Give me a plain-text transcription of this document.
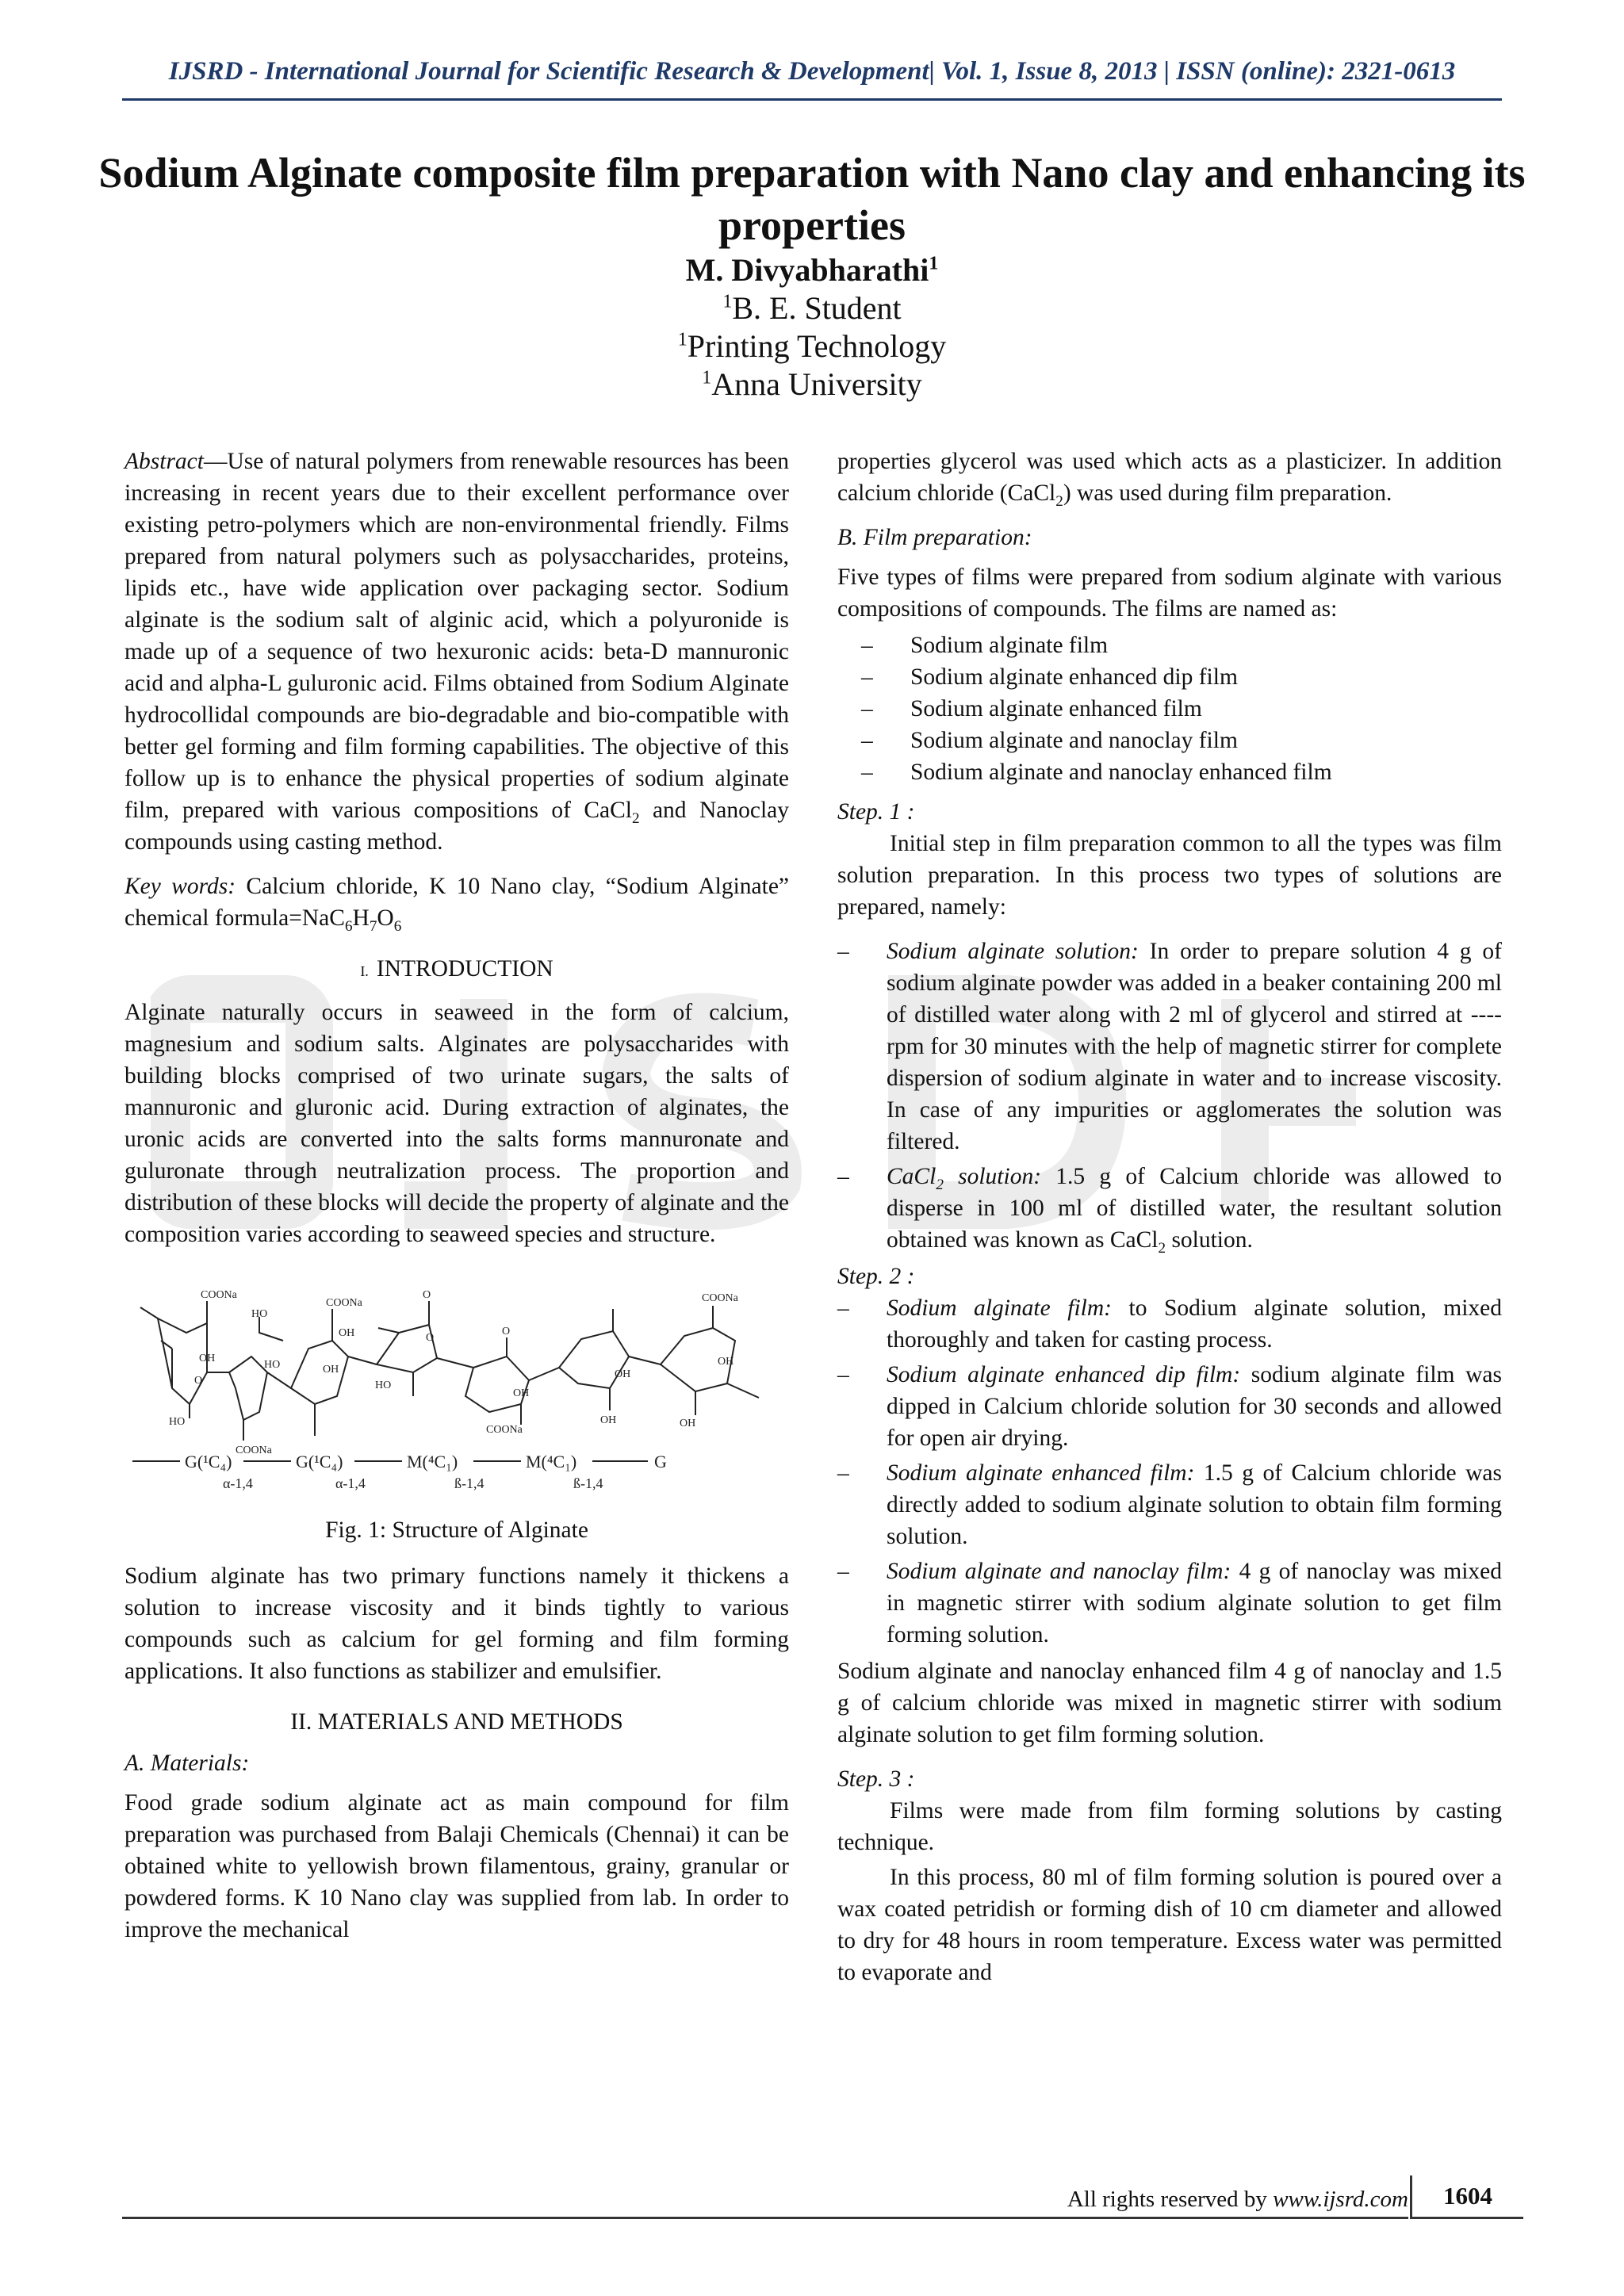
IJSRD - International Journal for Scientific Research & Development| Vol. 1, Issue 8, 2013 | ISSN (online): 2321-0613
Sodium Alginate composite film preparation with Nano clay and enhancing its properties
M. Divyabharathi$^1$
$^1$B. E. Student
$^1$Printing Technology
$^1$Anna University

Abstract—Use of natural polymers from renewable resources has been increasing in recent years due to their excellent performance over existing petro-polymers which are non-environmental friendly. Films prepared from natural polymers such as polysaccharides, proteins, lipids etc., have wide application over packaging sector. Sodium alginate is the sodium salt of alginic acid, which a polyuronide is made up of a sequence of two hexuronic acids: beta-D mannuronic acid and alpha-L guluronic acid. Films obtained from Sodium Alginate hydrocollidal compounds are bio-degradable and bio-compatible with better gel forming and film forming capabilities. The objective of this follow up is to enhance the physical properties of sodium alginate film, prepared with various compositions of CaCl$_2$ and Nanoclay compounds using casting method.

Key words: Calcium chloride, K 10 Nano clay, “Sodium Alginate” chemical $formula=NaC_6H_7O_6$

I. INTRODUCTION

Alginate naturally occurs in seaweed in the form of calcium, magnesium and sodium salts. Alginates are polysaccharides with building blocks comprised of two urinate sugars, the salts of mannuronic and gluronic acid. During extraction of alginates, the uronic acids are converted into the salts forms mannuronate and guluronate through neutralization process. The proportion and distribution of these blocks will decide the property of alginate and the composition varies according to seaweed species and structure.

COONa
HO
COONa
OH
HO
O
HO
COONa
OH
OH
HO
O
O
OH
COONa
O
OH
OH
COONa
OH
OH
G(¹C₄)	G(¹C₄)	M(⁴C₁)	M(⁴C₁)	G
α-1,4	α-1,4	ß-1,4	ß-1,4
Fig. 1: Structure of Alginate

Sodium alginate has two primary functions namely it thickens a solution to increase viscosity and it binds tightly to various compounds such as calcium for gel forming and film forming applications. It also functions as stabilizer and emulsifier.

II. MATERIALS AND METHODS
A. Materials:

Food grade sodium alginate act as main compound for film preparation was purchased from Balaji Chemicals (Chennai) it can be obtained white to yellowish brown filamentous, grainy, granular or powdered forms. K 10 Nano clay was supplied from lab. In order to improve the mechanical

properties glycerol was used which acts as a plasticizer. In addition calcium chloride (CaCl$_2$) was used during film preparation.

B. Film preparation:

Five types of films were prepared from sodium alginate with various compositions of compounds. The films are named as:

– Sodium alginate film
– Sodium alginate enhanced dip film
– Sodium alginate enhanced film
– Sodium alginate and nanoclay film
– Sodium alginate and nanoclay enhanced film
Step. 1 :

Initial step in film preparation common to all the types was film solution preparation. In this process two types of solutions are prepared, namely:

– Sodium alginate solution: In order to prepare solution 4 g of sodium alginate powder was added in a beaker containing 200 ml of distilled water along with 2 ml of glycerol and stirred at ---- rpm for 30 minutes with the help of magnetic stirrer for complete dispersion of sodium alginate in water and to increase viscosity. In case of any impurities or agglomerates the solution was filtered.
– CaCl$_2$ solution: 1.5 g of Calcium chloride was allowed to disperse in 100 ml of distilled water, the resultant solution obtained was known as CaCl$_2$ solution.
Step. 2 :
– Sodium alginate film: to Sodium alginate solution, mixed thoroughly and taken for casting process.
– Sodium alginate enhanced dip film: sodium alginate film was dipped in Calcium chloride solution for 30 seconds and allowed for open air drying.
– Sodium alginate enhanced film: 1.5 g of Calcium chloride was directly added to sodium alginate solution to obtain film forming solution.
– Sodium alginate and nanoclay film: 4 g of nanoclay was mixed in magnetic stirrer with sodium alginate solution to get film forming solution.

Sodium alginate and nanoclay enhanced film 4 g of nanoclay and 1.5 g of calcium chloride was mixed in magnetic stirrer with sodium alginate solution to get film forming solution.

Step. 3 :

Films were made from film forming solutions by casting technique.

In this process, 80 ml of film forming solution is poured over a wax coated petridish or forming dish of 10 cm diameter and allowed to dry for 48 hours in room temperature. Excess water was permitted to evaporate and

All rights reserved by www.ijsrd.com	1604
